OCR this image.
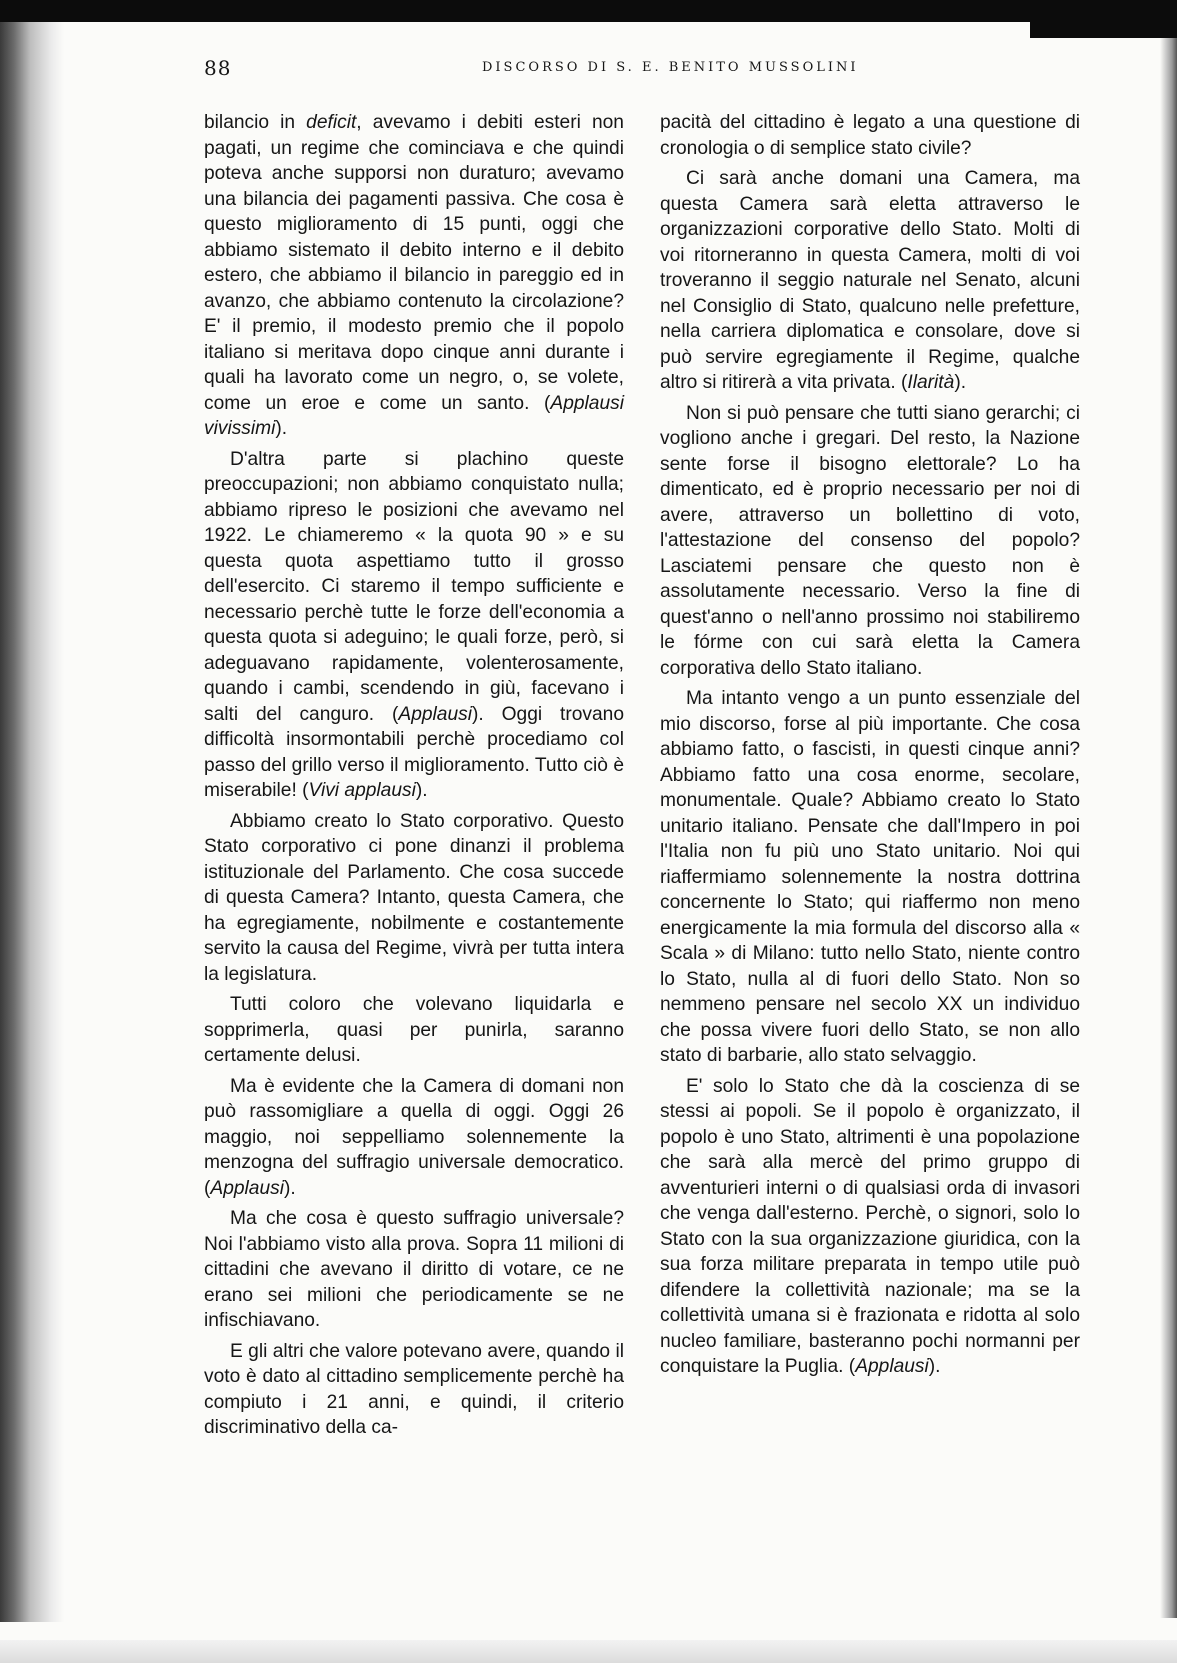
88	DISCORSO DI S. E. BENITO MUSSOLINI

bilancio in deficit, avevamo i debiti esteri non pagati, un regime che cominciava e che quindi poteva anche supporsi non duraturo; avevamo una bilancia dei pagamenti passiva. Che cosa è questo miglioramento di 15 punti, oggi che abbiamo sistemato il debito interno e il debito estero, che abbiamo il bilancio in pareggio ed in avanzo, che abbiamo contenuto la circolazione? E' il premio, il modesto premio che il popolo italiano si meritava dopo cinque anni durante i quali ha lavorato come un negro, o, se volete, come un eroe e come un santo. (Applausi vivissimi).

D'altra parte si plachino queste preoccupazioni; non abbiamo conquistato nulla; abbiamo ripreso le posizioni che avevamo nel 1922. Le chiameremo « la quota 90 » e su questa quota aspettiamo tutto il grosso dell'esercito. Ci staremo il tempo sufficiente e necessario perchè tutte le forze dell'economia a questa quota si adeguino; le quali forze, però, si adeguavano rapidamente, volenterosamente, quando i cambi, scendendo in giù, facevano i salti del canguro. (Applausi). Oggi trovano difficoltà insormontabili perchè procediamo col passo del grillo verso il miglioramento. Tutto ciò è miserabile! (Vivi applausi).

Abbiamo creato lo Stato corporativo. Questo Stato corporativo ci pone dinanzi il problema istituzionale del Parlamento. Che cosa succede di questa Camera? Intanto, questa Camera, che ha egregiamente, nobilmente e costantemente servito la causa del Regime, vivrà per tutta intera la legislatura.

Tutti coloro che volevano liquidarla e sopprimerla, quasi per punirla, saranno certamente delusi.

Ma è evidente che la Camera di domani non può rassomigliare a quella di oggi. Oggi 26 maggio, noi seppelliamo solennemente la menzogna del suffragio universale democratico. (Applausi).

Ma che cosa è questo suffragio universale? Noi l'abbiamo visto alla prova. Sopra 11 milioni di cittadini che avevano il diritto di votare, ce ne erano sei milioni che periodicamente se ne infischiavano.

E gli altri che valore potevano avere, quando il voto è dato al cittadino semplicemente perchè ha compiuto i 21 anni, e quindi, il criterio discriminativo della ca-

pacità del cittadino è legato a una questione di cronologia o di semplice stato civile?

Ci sarà anche domani una Camera, ma questa Camera sarà eletta attraverso le organizzazioni corporative dello Stato. Molti di voi ritorneranno in questa Camera, molti di voi troveranno il seggio naturale nel Senato, alcuni nel Consiglio di Stato, qualcuno nelle prefetture, nella carriera diplomatica e consolare, dove si può servire egregiamente il Regime, qualche altro si ritirerà a vita privata. (Ilarità).

Non si può pensare che tutti siano gerarchi; ci vogliono anche i gregari. Del resto, la Nazione sente forse il bisogno elettorale? Lo ha dimenticato, ed è proprio necessario per noi di avere, attraverso un bollettino di voto, l'attestazione del consenso del popolo? Lasciatemi pensare che questo non è assolutamente necessario. Verso la fine di quest'anno o nell'anno prossimo noi stabiliremo le fórme con cui sarà eletta la Camera corporativa dello Stato italiano.

Ma intanto vengo a un punto essenziale del mio discorso, forse al più importante. Che cosa abbiamo fatto, o fascisti, in questi cinque anni? Abbiamo fatto una cosa enorme, secolare, monumentale. Quale? Abbiamo creato lo Stato unitario italiano. Pensate che dall'Impero in poi l'Italia non fu più uno Stato unitario. Noi qui riaffermiamo solennemente la nostra dottrina concernente lo Stato; qui riaffermo non meno energicamente la mia formula del discorso alla « Scala » di Milano: tutto nello Stato, niente contro lo Stato, nulla al di fuori dello Stato. Non so nemmeno pensare nel secolo XX un individuo che possa vivere fuori dello Stato, se non allo stato di barbarie, allo stato selvaggio.

E' solo lo Stato che dà la coscienza di se stessi ai popoli. Se il popolo è organizzato, il popolo è uno Stato, altrimenti è una popolazione che sarà alla mercè del primo gruppo di avventurieri interni o di qualsiasi orda di invasori che venga dall'esterno. Perchè, o signori, solo lo Stato con la sua organizzazione giuridica, con la sua forza militare preparata in tempo utile può difendere la collettività nazionale; ma se la collettività umana si è frazionata e ridotta al solo nucleo familiare, basteranno pochi normanni per conquistare la Puglia. (Applausi).
